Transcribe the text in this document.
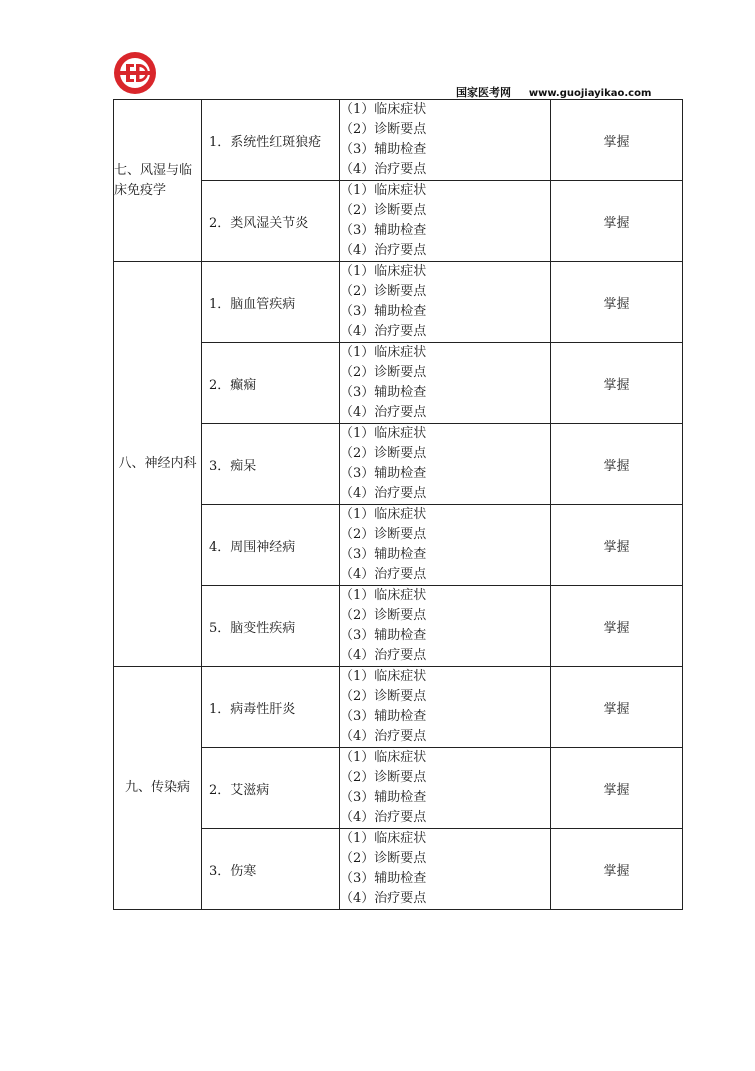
国家医考网 www.guojiayikao.com
七、风湿与临
床免疫学	1．系统性红斑狼疮	（1）临床症状
（2）诊断要点
（3）辅助检查
（4）治疗要点	掌握

	2．类风湿关节炎	（1）临床症状
（2）诊断要点
（3）辅助检查
（4）治疗要点	掌握

八、神经内科	1．脑血管疾病	（1）临床症状
（2）诊断要点
（3）辅助检查
（4）治疗要点	掌握

	2．癫痫	（1）临床症状
（2）诊断要点
（3）辅助检查
（4）治疗要点	掌握

	3．痴呆	（1）临床症状
（2）诊断要点
（3）辅助检查
（4）治疗要点	掌握

	4．周围神经病	（1）临床症状
（2）诊断要点
（3）辅助检查
（4）治疗要点	掌握

	5．脑变性疾病	（1）临床症状
（2）诊断要点
（3）辅助检查
（4）治疗要点	掌握

九、传染病	1．病毒性肝炎	（1）临床症状
（2）诊断要点
（3）辅助检查
（4）治疗要点	掌握

	2．艾滋病	（1）临床症状
（2）诊断要点
（3）辅助检查
（4）治疗要点	掌握

	3．伤寒	（1）临床症状
（2）诊断要点
（3）辅助检查
（4）治疗要点	掌握
